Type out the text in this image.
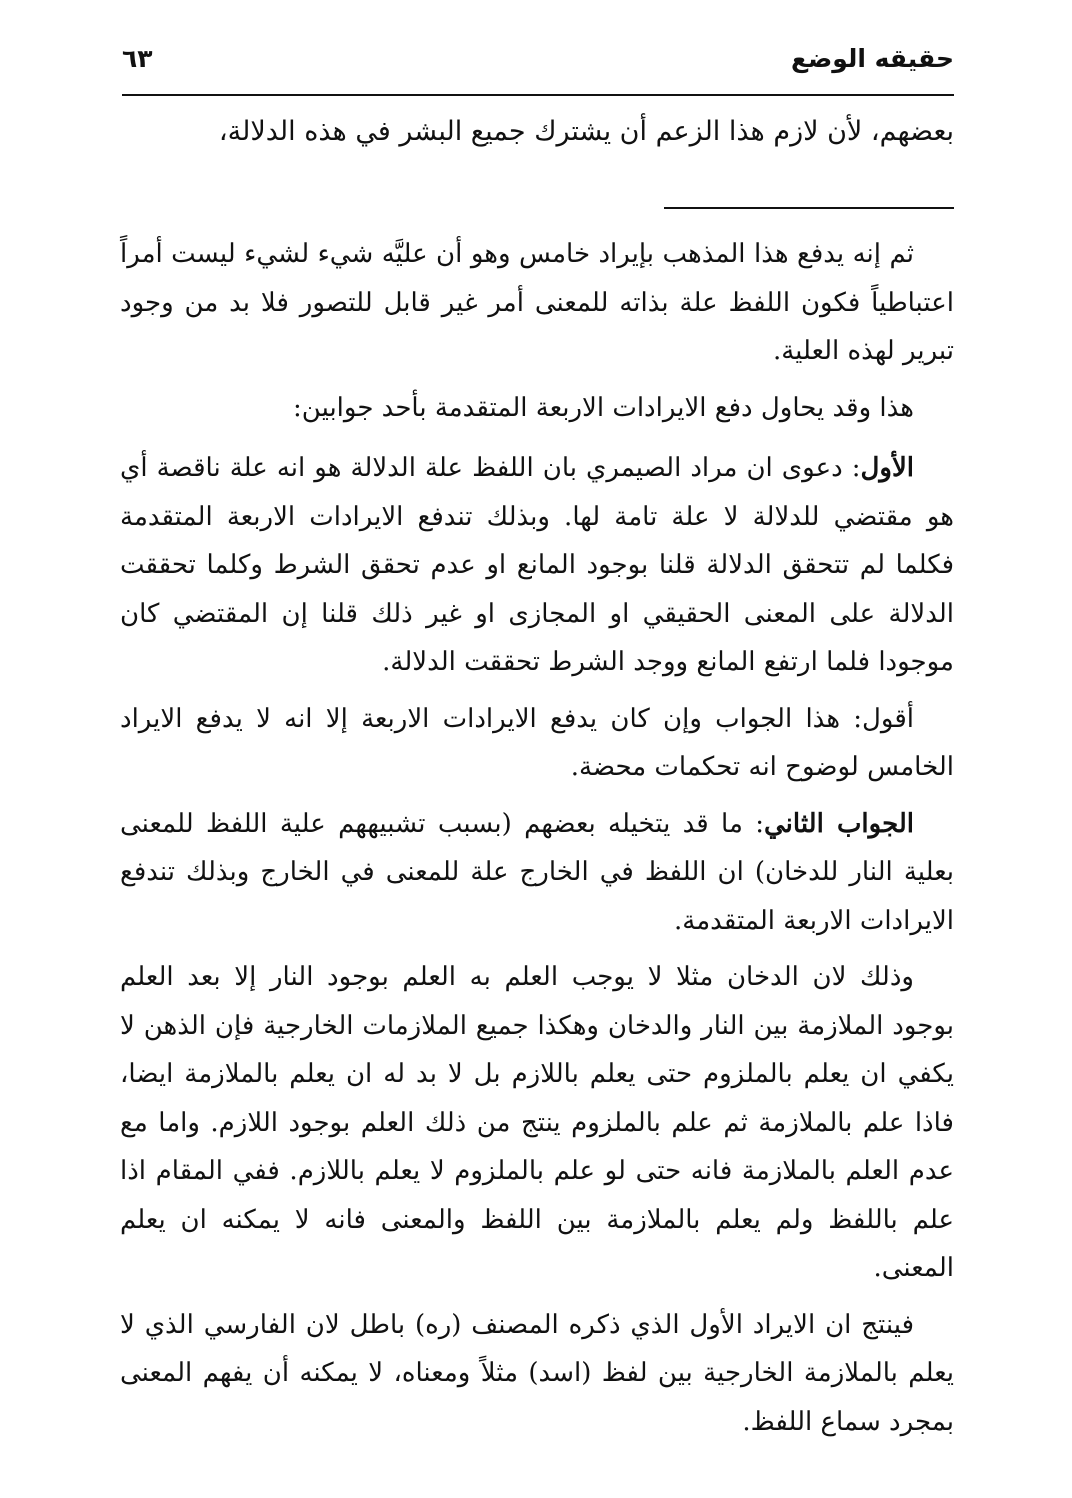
حقيقه الوضع
٦٣
بعضهم، لأن لازم هذا الزعم أن يشترك جميع البشر في هذه الدلالة،

ثم إنه يدفع هذا المذهب بإيراد خامس وهو أن عليَّه شيء لشيء ليست أمراً اعتباطياً فكون اللفظ علة بذاته للمعنى أمر غير قابل للتصور فلا بد من وجود تبرير لهذه العلية.

هذا وقد يحاول دفع الايرادات الاربعة المتقدمة بأحد جوابين:

الأول: دعوى ان مراد الصيمري بان اللفظ علة الدلالة هو انه علة ناقصة أي هو مقتضي للدلالة لا علة تامة لها. وبذلك تندفع الايرادات الاربعة المتقدمة فكلما لم تتحقق الدلالة قلنا بوجود المانع او عدم تحقق الشرط وكلما تحققت الدلالة على المعنى الحقيقي او المجازى او غير ذلك قلنا إن المقتضي كان موجودا فلما ارتفع المانع ووجد الشرط تحققت الدلالة.

أقول: هذا الجواب وإن كان يدفع الايرادات الاربعة إلا انه لا يدفع الايراد الخامس لوضوح انه تحكمات محضة.

الجواب الثاني: ما قد يتخيله بعضهم (بسبب تشبيههم علية اللفظ للمعنى بعلية النار للدخان) ان اللفظ في الخارج علة للمعنى في الخارج وبذلك تندفع الايرادات الاربعة المتقدمة.

وذلك لان الدخان مثلا لا يوجب العلم به العلم بوجود النار إلا بعد العلم بوجود الملازمة بين النار والدخان وهكذا جميع الملازمات الخارجية فإن الذهن لا يكفي ان يعلم بالملزوم حتى يعلم باللازم بل لا بد له ان يعلم بالملازمة ايضا، فاذا علم بالملازمة ثم علم بالملزوم ينتج من ذلك العلم بوجود اللازم. واما مع عدم العلم بالملازمة فانه حتى لو علم بالملزوم لا يعلم باللازم. ففي المقام اذا علم باللفظ ولم يعلم بالملازمة بين اللفظ والمعنى فانه لا يمكنه ان يعلم المعنى.

فينتج ان الايراد الأول الذي ذكره المصنف (ره) باطل لان الفارسي الذي لا يعلم بالملازمة الخارجية بين لفظ (اسد) مثلاً ومعناه، لا يمكنه أن يفهم المعنى بمجرد سماع اللفظ.
